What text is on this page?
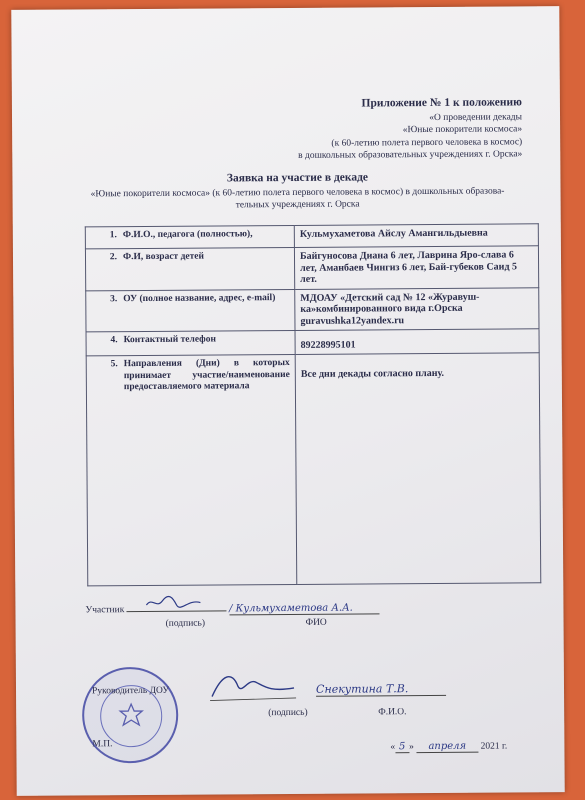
Приложение № 1 к положению
«О проведении декады
«Юные покорители космоса»
(к 60-летию полета первого человека в космос)
в дошкольных образовательных учреждениях г. Орска»
Заявка на участие в декаде
«Юные покорители космоса» (к 60-летию полета первого человека в космос) в дошкольных образова-
тельных учреждениях г. Орска
1. Ф.И.О., педагога (полностью),	Кульмухаметова Айслу Амангильдыевна
2. Ф.И, возраст детей	Байгуносова Диана 6 лет, Лаврина Яро-слава 6 лет, Аманбаев Чингиз 6 лет, Бай-губеков Саид 5 лет.

3. ОУ (полное название, адрес, e-mail)	МДОАУ «Детский сад № 12 «Журавуш-ка»комбинированного вида г.Орска guravushka12yandex.ru
4. Контактный телефон	89228995101

5. Направления (Дни) в которых принимает участие/наименование предоставляемого материала	Все дни декады согласно плану.
Участник	/ Кульмухаметова А.А.
(подпись)	ФИО
Руководитель ДОУ	Снекутина Т.В.
(подпись)	Ф.И.О.
М.П.	« 5 » апреля 2021 г.
